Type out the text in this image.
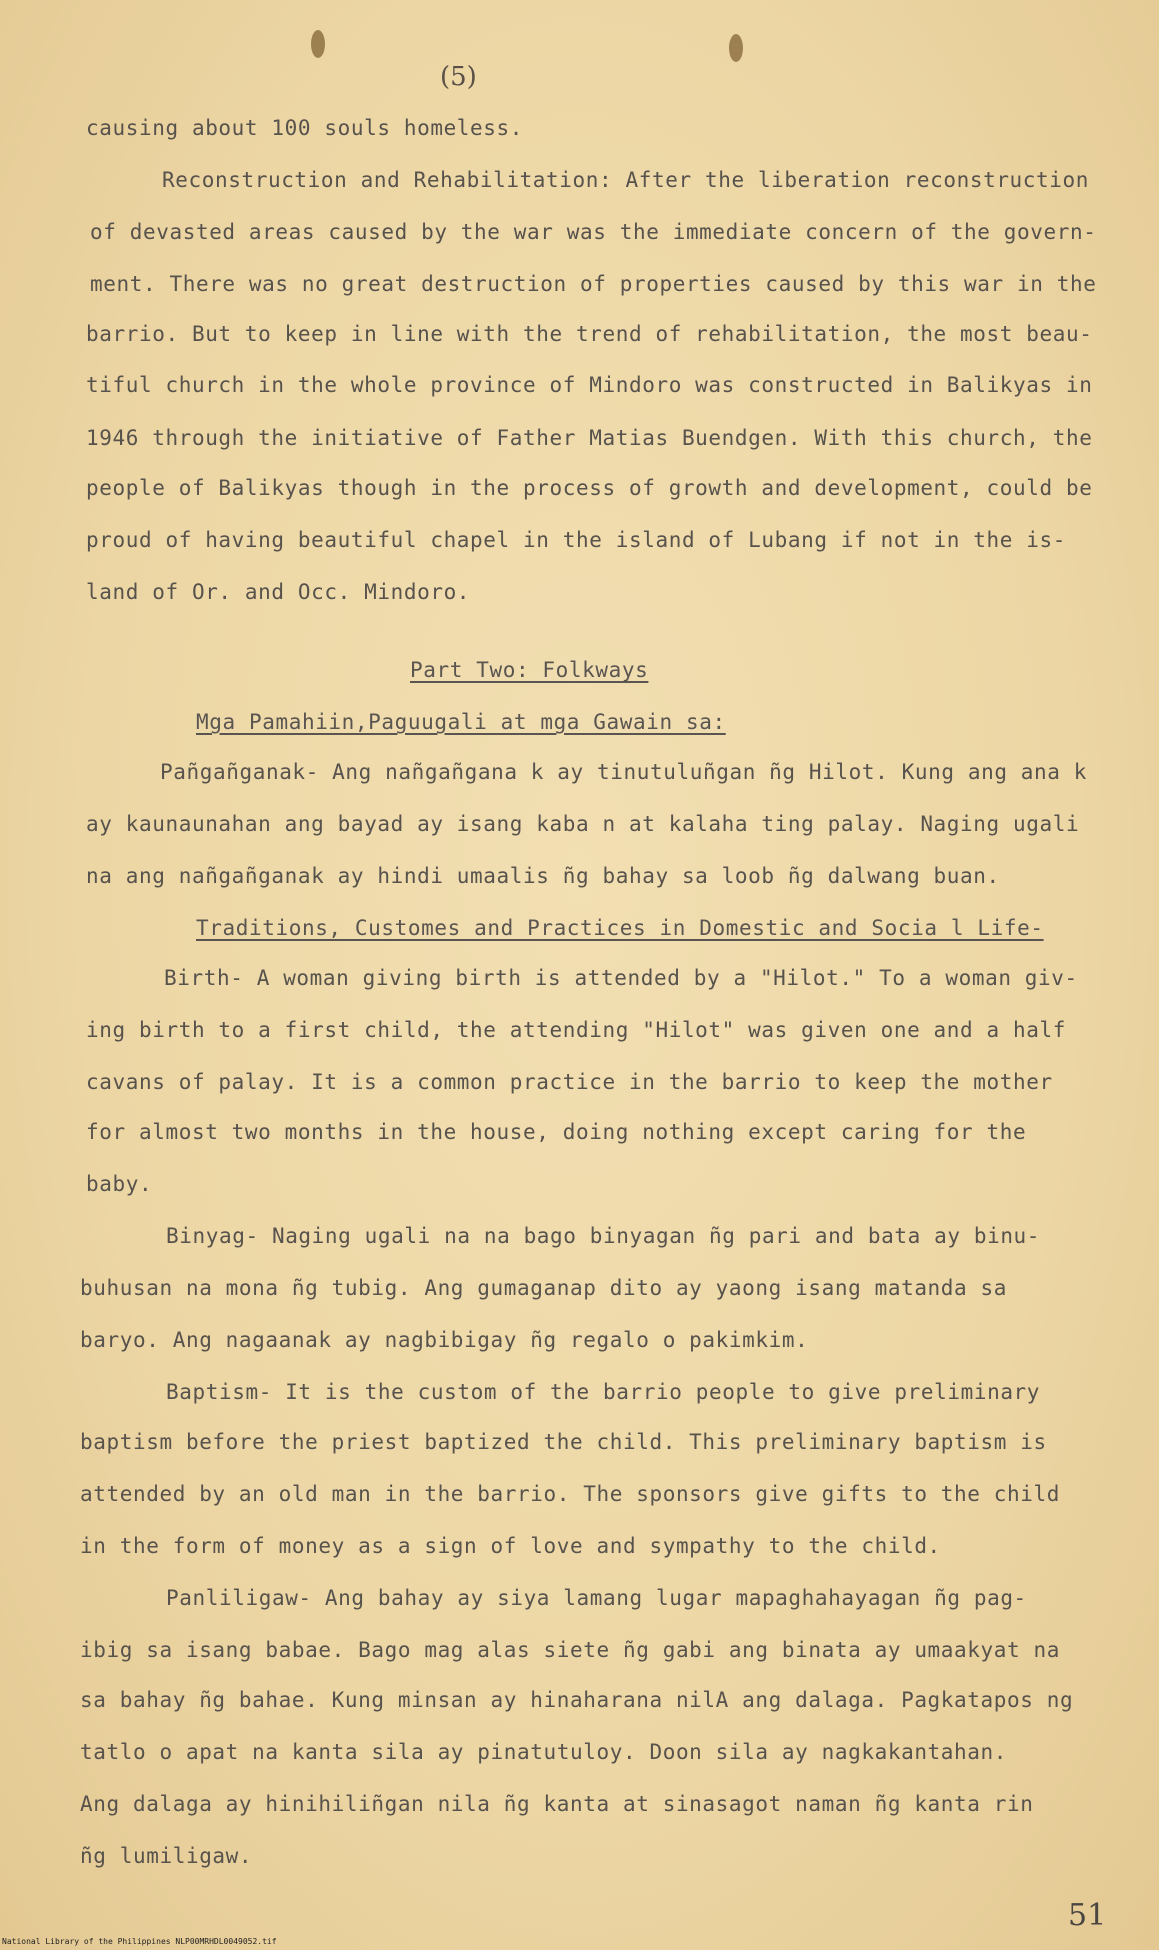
(5)
causing about 100 souls homeless.
Reconstruction and Rehabilitation: After the liberation reconstruction
of devasted areas caused by the war was the immediate concern of the govern-
ment. There was no great destruction of properties caused by this war in the
barrio. But to keep in line with the trend of rehabilitation, the most beau-
tiful church in the whole province of Mindoro was constructed in Balikyas in
1946 through the initiative of Father Matias Buendgen. With this church, the
people of Balikyas though in the process of growth and development, could be
proud of having beautiful chapel in the island of Lubang if not in the is-
land of Or. and Occ. Mindoro.
Part Two: Folkways
Mga Pamahiin,Paguugali at mga Gawain sa:
Pañgañganak- Ang nañgañgana k ay tinutuluñgan ñg Hilot. Kung ang ana k
ay kaunaunahan ang bayad ay isang kaba n at kalaha ting palay. Naging ugali
na ang nañgañganak ay hindi umaalis ñg bahay sa loob ñg dalwang buan.
Traditions, Customes and Practices in Domestic and Socia l Life-
Birth- A woman giving birth is attended by a "Hilot." To a woman giv-
ing birth to a first child, the attending "Hilot" was given one and a half
cavans of palay. It is a common practice in the barrio to keep the mother
for almost two months in the house, doing nothing except caring for the
baby.
Binyag- Naging ugali na na bago binyagan ñg pari and bata ay binu-
buhusan na mona ñg tubig. Ang gumaganap dito ay yaong isang matanda sa
baryo. Ang nagaanak ay nagbibigay ñg regalo o pakimkim.
Baptism- It is the custom of the barrio people to give preliminary
baptism before the priest baptized the child. This preliminary baptism is
attended by an old man in the barrio. The sponsors give gifts to the child
in the form of money as a sign of love and sympathy to the child.
Panliligaw- Ang bahay ay siya lamang lugar mapaghahayagan ñg pag-
ibig sa isang babae. Bago mag alas siete ñg gabi ang binata ay umaakyat na
sa bahay ñg bahae. Kung minsan ay hinaharana nilA ang dalaga. Pagkatapos ng
tatlo o apat na kanta sila ay pinatutuloy. Doon sila ay nagkakantahan.
Ang dalaga ay hinihiliñgan nila ñg kanta at sinasagot naman ñg kanta rin
ñg lumiligaw.
51
National Library of the Philippines NLP00MRHDL0049052.tif
